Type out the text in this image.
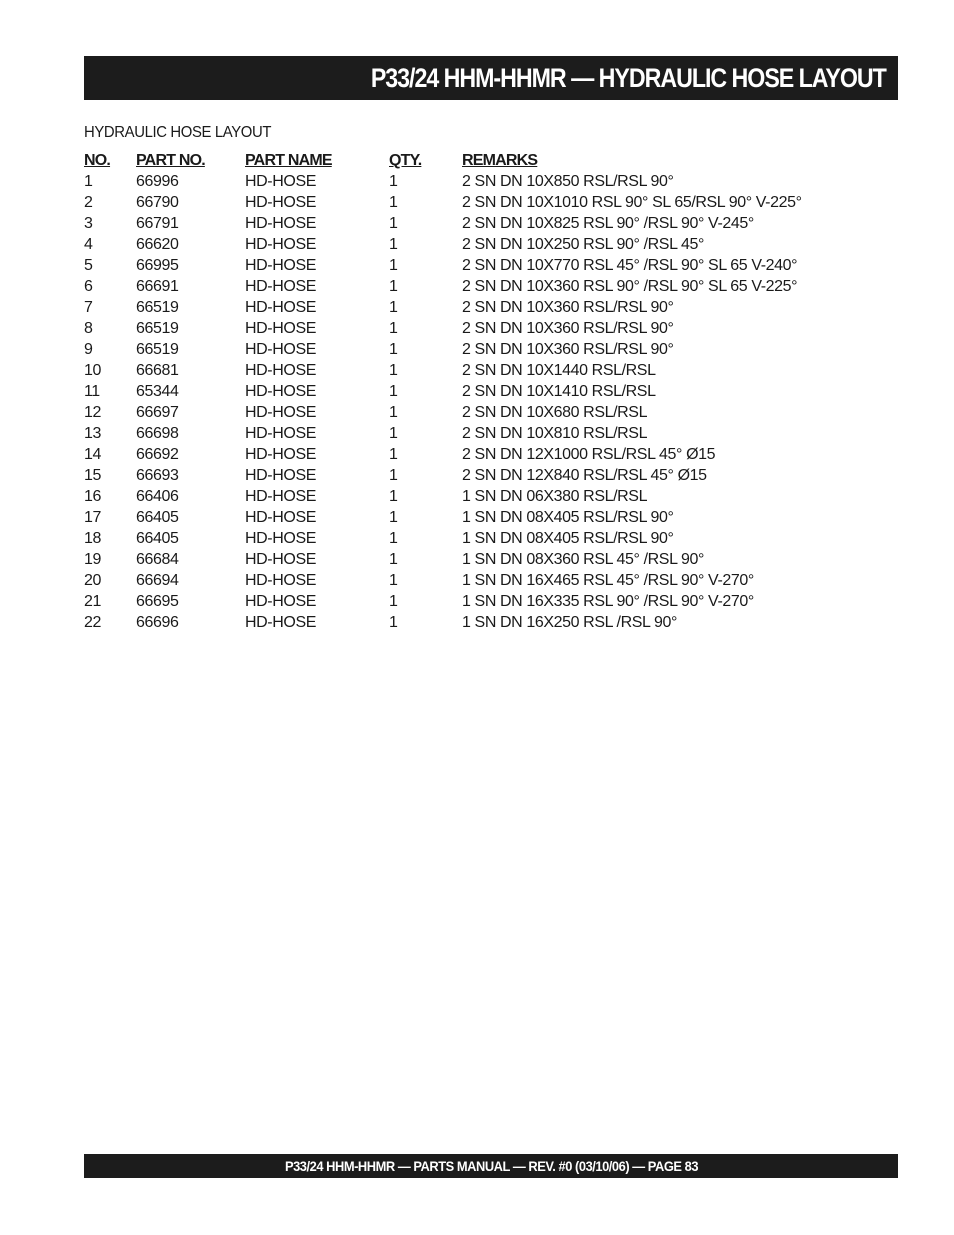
P33/24 HHM-HHMR — HYDRAULIC HOSE LAYOUT
HYDRAULIC HOSE LAYOUT
NO.	PART NO.	PART NAME	QTY.	REMARKS
1	66996	HD-HOSE	1	2 SN DN 10X850 RSL/RSL 90°
2	66790	HD-HOSE	1	2 SN DN 10X1010 RSL 90° SL 65/RSL 90° V-225°
3	66791	HD-HOSE	1	2 SN DN 10X825 RSL 90° /RSL 90° V-245°
4	66620	HD-HOSE	1	2 SN DN 10X250 RSL 90° /RSL 45°
5	66995	HD-HOSE	1	2 SN DN 10X770 RSL 45° /RSL 90° SL 65 V-240°
6	66691	HD-HOSE	1	2 SN DN 10X360 RSL 90° /RSL 90° SL 65 V-225°
7	66519	HD-HOSE	1	2 SN DN 10X360 RSL/RSL 90°
8	66519	HD-HOSE	1	2 SN DN 10X360 RSL/RSL 90°
9	66519	HD-HOSE	1	2 SN DN 10X360 RSL/RSL 90°
10	66681	HD-HOSE	1	2 SN DN 10X1440 RSL/RSL
11	65344	HD-HOSE	1	2 SN DN 10X1410 RSL/RSL
12	66697	HD-HOSE	1	2 SN DN 10X680 RSL/RSL
13	66698	HD-HOSE	1	2 SN DN 10X810 RSL/RSL
14	66692	HD-HOSE	1	2 SN DN 12X1000 RSL/RSL 45° Ø15
15	66693	HD-HOSE	1	2 SN DN 12X840 RSL/RSL 45° Ø15
16	66406	HD-HOSE	1	1 SN DN 06X380 RSL/RSL
17	66405	HD-HOSE	1	1 SN DN 08X405 RSL/RSL 90°
18	66405	HD-HOSE	1	1 SN DN 08X405 RSL/RSL 90°
19	66684	HD-HOSE	1	1 SN DN 08X360 RSL 45° /RSL 90°
20	66694	HD-HOSE	1	1 SN DN 16X465 RSL 45° /RSL 90° V-270°
21	66695	HD-HOSE	1	1 SN DN 16X335 RSL 90° /RSL 90° V-270°
22	66696	HD-HOSE	1	1 SN DN 16X250 RSL /RSL 90°
P33/24 HHM-HHMR — PARTS MANUAL — REV. #0 (03/10/06) — PAGE 83
